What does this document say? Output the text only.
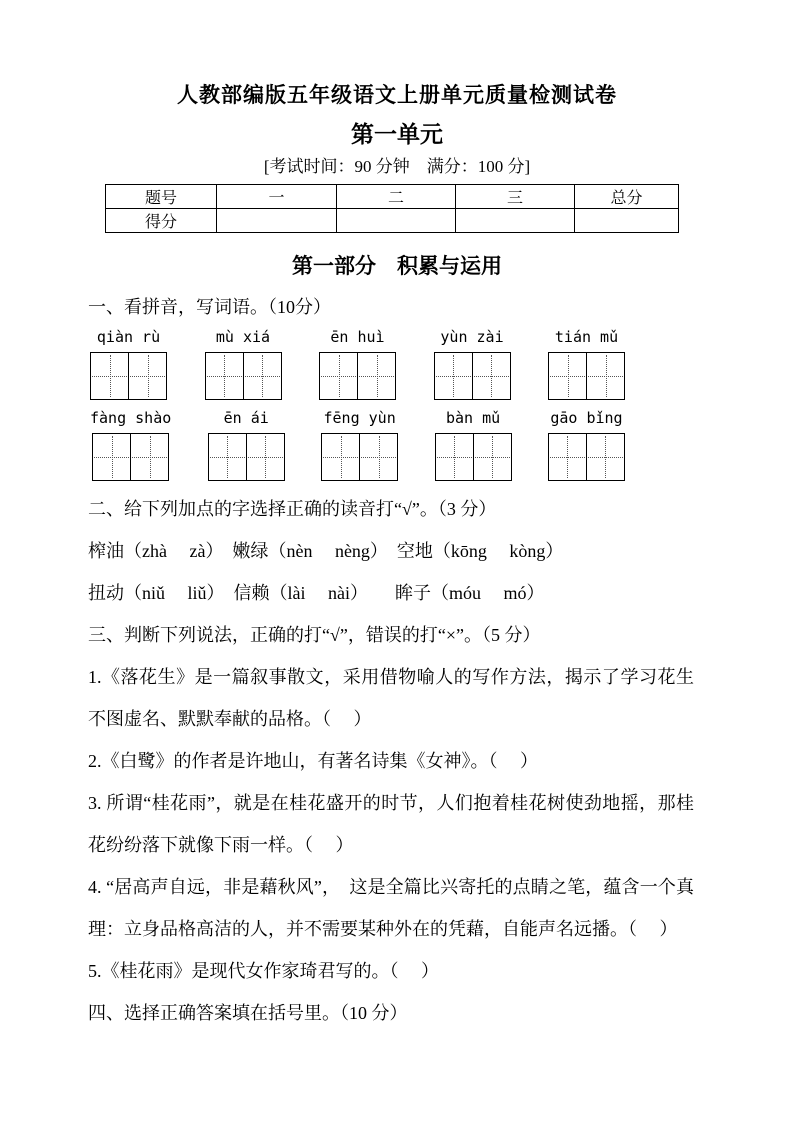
人教部编版五年级语文上册单元质量检测试卷
第一单元
[考试时间：90 分钟　满分：100 分]
题号	一	二	三	总分
得分				
第一部分　积累与运用
一、看拼音，写词语。（10分）
qiàn rù	mù xiá	ēn huì	yùn zài	tián mǔ
fàng shào	ēn ái	fēng yùn	bàn mǔ	gāo bǐng
二、给下列加点的字选择正确的读音打“√”。（3 分）
榨油（zhà　 zà）　嫩绿（nèn　 nèng）　空地（kōng　 kòng）
扭动（niǔ　 liǔ）　信赖（lài　 nài）　　眸子（móu　 mó）
三、判断下列说法，正确的打“√”，错误的打“×”。（5 分）
1.《落花生》是一篇叙事散文，采用借物喻人的写作方法，揭示了学习花生不图虚名、默默奉献的品格。（　 ）
2.《白鹭》的作者是许地山，有著名诗集《女神》。（　 ）
3. 所谓“桂花雨”，就是在桂花盛开的时节，人们抱着桂花树使劲地摇，那桂花纷纷落下就像下雨一样。（　 ）
4. “居高声自远，非是藉秋风”，　这是全篇比兴寄托的点睛之笔，蕴含一个真理：立身品格高洁的人，并不需要某种外在的凭藉，自能声名远播。（　 ）
5.《桂花雨》是现代女作家琦君写的。（　 ）
四、选择正确答案填在括号里。（10 分）
